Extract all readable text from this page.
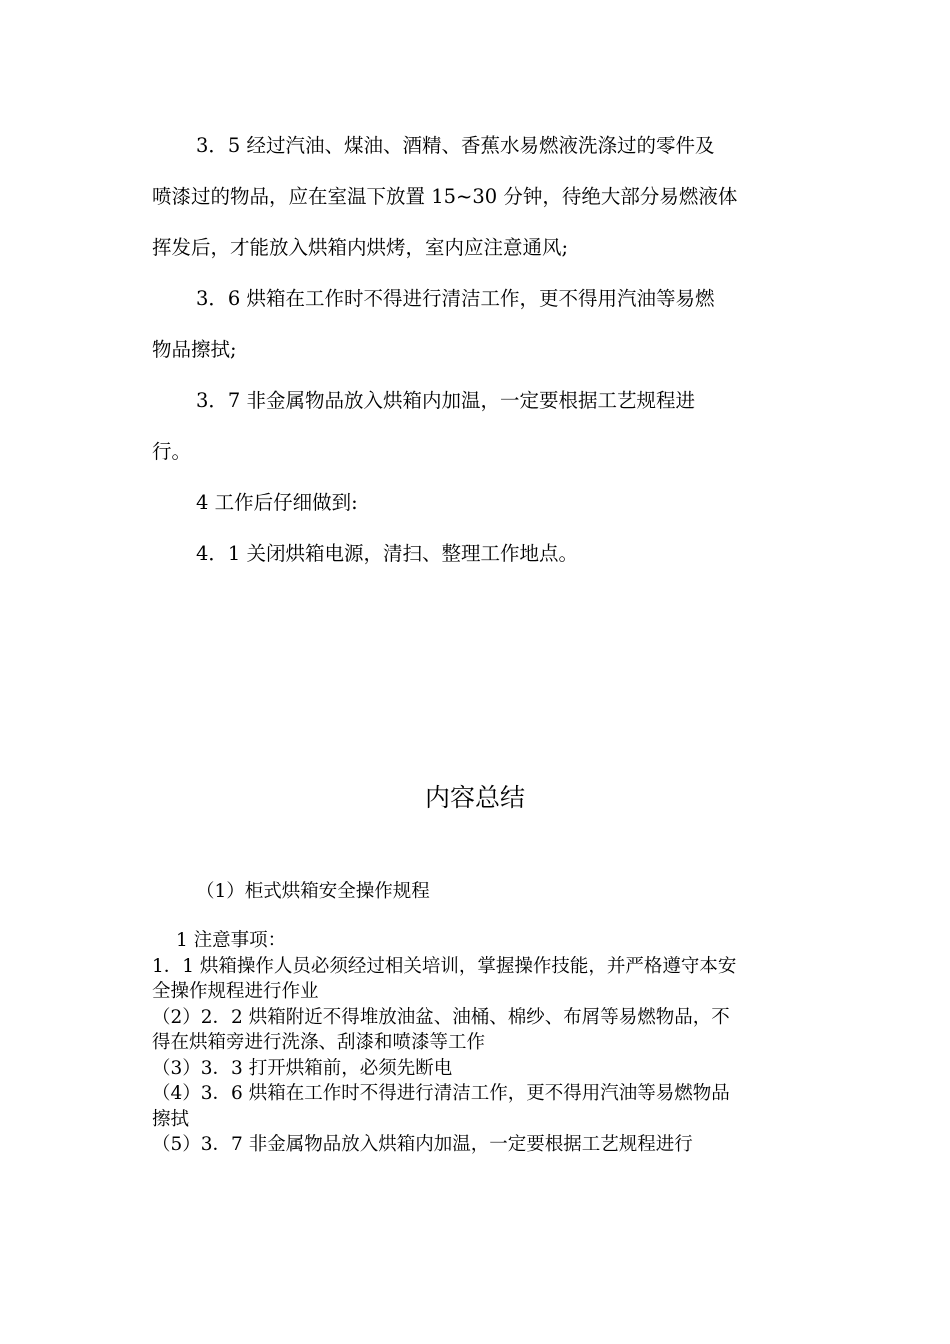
3．5 经过汽油、煤油、酒精、香蕉水易燃液洗涤过的零件及

喷漆过的物品，应在室温下放置 15~30 分钟，待绝大部分易燃液体

挥发后，才能放入烘箱内烘烤，室内应注意通风;

3．6 烘箱在工作时不得进行清洁工作，更不得用汽油等易燃

物品擦拭;

3．7 非金属物品放入烘箱内加温，一定要根据工艺规程进

行。

4 工作后仔细做到:

4．1 关闭烘箱电源，清扫、整理工作地点。

内容总结

（1）柜式烘箱安全操作规程

1 注意事项：

1．1 烘箱操作人员必须经过相关培训，掌握操作技能，并严格遵守本安

全操作规程进行作业

（2）2．2 烘箱附近不得堆放油盆、油桶、棉纱、布屑等易燃物品，不

得在烘箱旁进行洗涤、刮漆和喷漆等工作

（3）3．3 打开烘箱前，必须先断电

（4）3．6 烘箱在工作时不得进行清洁工作，更不得用汽油等易燃物品

擦拭

（5）3．7 非金属物品放入烘箱内加温，一定要根据工艺规程进行
